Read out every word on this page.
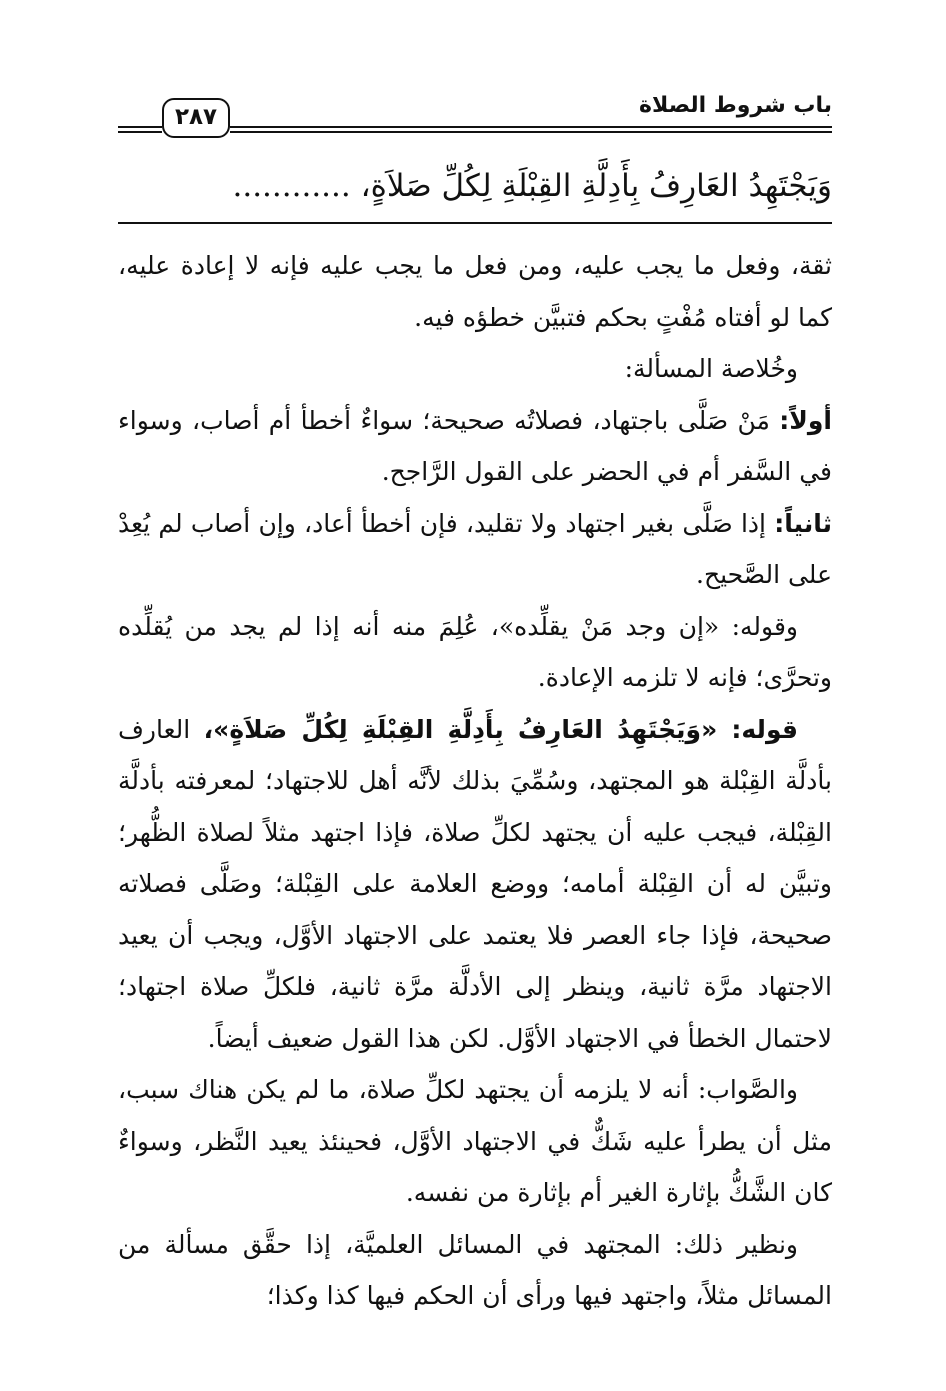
باب شروط الصلاة
٢٨٧
وَيَجْتَهِدُ العَارِفُ بِأَدِلَّةِ القِبْلَةِ لِكُلِّ صَلاَةٍ، ............

ثقة، وفعل ما يجب عليه، ومن فعل ما يجب عليه فإنه لا إعادة عليه، كما لو أفتاه مُفْتٍ بحكم فتبيَّن خطؤه فيه.

وخُلاصة المسألة:

أولاً: مَنْ صَلَّى باجتهاد، فصلاتُه صحيحة؛ سواءٌ أخطأ أم أصاب، وسواء في السَّفر أم في الحضر على القول الرَّاجح.

ثانياً: إذا صَلَّى بغير اجتهاد ولا تقليد، فإن أخطأ أعاد، وإن أصاب لم يُعِدْ على الصَّحيح.

وقوله: «إن وجد مَنْ يقلِّده»، عُلِمَ منه أنه إذا لم يجد من يُقلِّده وتحرَّى؛ فإنه لا تلزمه الإعادة.

قوله: «وَيَجْتَهِدُ العَارِفُ بِأَدِلَّةِ القِبْلَةِ لِكُلِّ صَلاَةٍ»، العارف بأدلَّة القِبْلة هو المجتهد، وسُمِّيَ بذلك لأنَّه أهل للاجتهاد؛ لمعرفته بأدلَّة القِبْلة، فيجب عليه أن يجتهد لكلِّ صلاة، فإذا اجتهد مثلاً لصلاة الظُّهر؛ وتبيَّن له أن القِبْلة أمامه؛ ووضع العلامة على القِبْلة؛ وصَلَّى فصلاته صحيحة، فإذا جاء العصر فلا يعتمد على الاجتهاد الأوَّل، ويجب أن يعيد الاجتهاد مرَّة ثانية، وينظر إلى الأدلَّة مرَّة ثانية، فلكلِّ صلاة اجتهاد؛ لاحتمال الخطأ في الاجتهاد الأوَّل. لكن هذا القول ضعيف أيضاً.

والصَّواب: أنه لا يلزمه أن يجتهد لكلِّ صلاة، ما لم يكن هناك سبب، مثل أن يطرأ عليه شَكٌّ في الاجتهاد الأوَّل، فحينئذ يعيد النَّظر، وسواءٌ كان الشَّكُّ بإثارة الغير أم بإثارة من نفسه.

ونظير ذلك: المجتهد في المسائل العلميَّة، إذا حقَّق مسألة من المسائل مثلاً، واجتهد فيها ورأى أن الحكم فيها كذا وكذا؛
